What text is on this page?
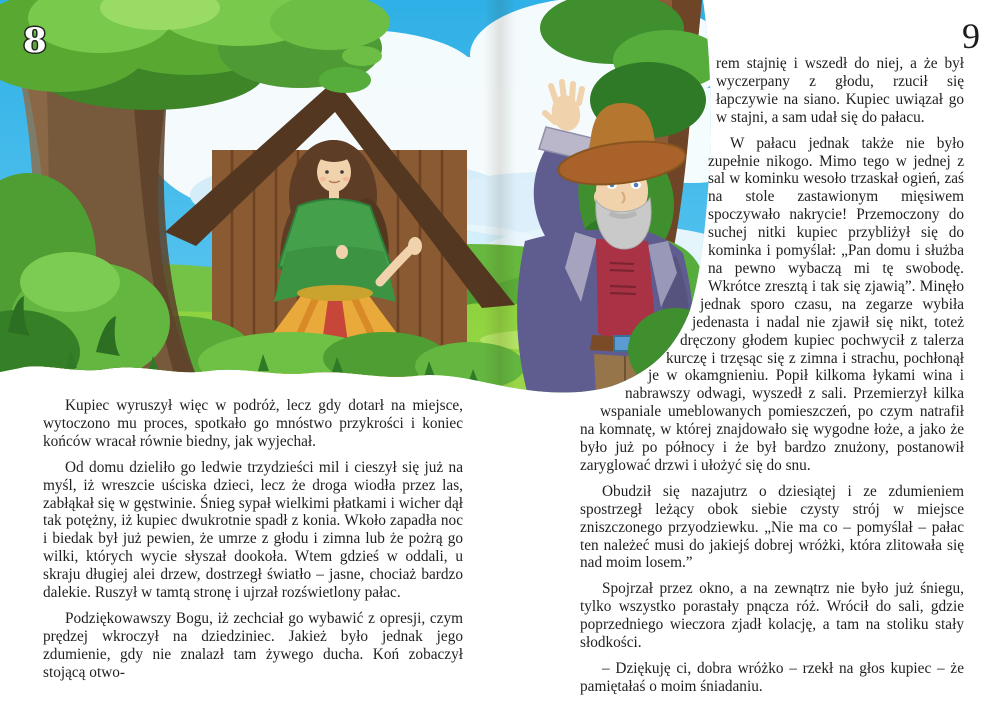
8	9

Kupiec wyruszył więc w podróż, lecz gdy dotarł na miejsce, wytoczono mu proces, spotkało go mnóstwo przykrości i koniec końców wracał równie biedny, jak wyjechał.

Od domu dzieliło go ledwie trzydzieści mil i cieszył się już na myśl, iż wreszcie uściska dzieci, lecz że droga wiodła przez las, zabłąkał się w gęstwinie. Śnieg sypał wielkimi płatkami i wicher dął tak potężny, iż kupiec dwukrotnie spadł z konia. Wkoło zapadła noc i biedak był już pewien, że umrze z głodu i zimna lub że pożrą go wilki, których wycie słyszał dookoła. Wtem gdzieś w oddali, u skraju długiej alei drzew, dostrzegł światło – jasne, chociaż bardzo dalekie. Ruszył w tamtą stronę i ujrzał rozświetlony pałac.

Podziękowawszy Bogu, iż zechciał go wybawić z opresji, czym prędzej wkroczył na dziedziniec. Jakież było jednak jego zdumienie, gdy nie znalazł tam żywego ducha. Koń zobaczył stojącą otwo-

rem stajnię i wszedł do niej, a że był wyczerpany z głodu, rzucił się łapczywie na siano. Kupiec uwiązał go w stajni, a sam udał się do pałacu.

W pałacu jednak także nie było zupełnie nikogo. Mimo tego w jednej z sal w kominku wesoło trzaskał ogień, zaś na stole zastawionym mięsiwem spoczywało nakrycie! Przemoczony do suchej nitki kupiec przybliżył się do kominka i pomyślał: „Pan domu i służba na pewno wybaczą mi tę swobodę. Wkrótce zresztą i tak się zjawią”. Minęło jednak sporo czasu, na zegarze wybiła jedenasta i nadal nie zjawił się nikt, toteż dręczony głodem kupiec pochwycił z talerza kurczę i trzęsąc się z zimna i strachu, pochłonął je w okamgnieniu. Popił kilkoma łykami wina i nabrawszy odwagi, wyszedł z sali. Przemierzył kilka wspaniale umeblowanych pomieszczeń, po czym natrafił na komnatę, w której znajdowało się wygodne łoże, a jako że było już po północy i że był bardzo znużony, postanowił zaryglować drzwi i ułożyć się do snu.

Obudził się nazajutrz o dziesiątej i ze zdumieniem spostrzegł leżący obok siebie czysty strój w miejsce zniszczonego przyodziewku. „Nie ma co – pomyślał – pałac ten należeć musi do jakiejś dobrej wróżki, która zlitowała się nad moim losem.”

Spojrzał przez okno, a na zewnątrz nie było już śniegu, tylko wszystko porastały pnącza róż. Wrócił do sali, gdzie poprzedniego wieczora zjadł kolację, a tam na stoliku stały słodkości.

– Dziękuję ci, dobra wróżko – rzekł na głos kupiec – że pamiętałaś o moim śniadaniu.
